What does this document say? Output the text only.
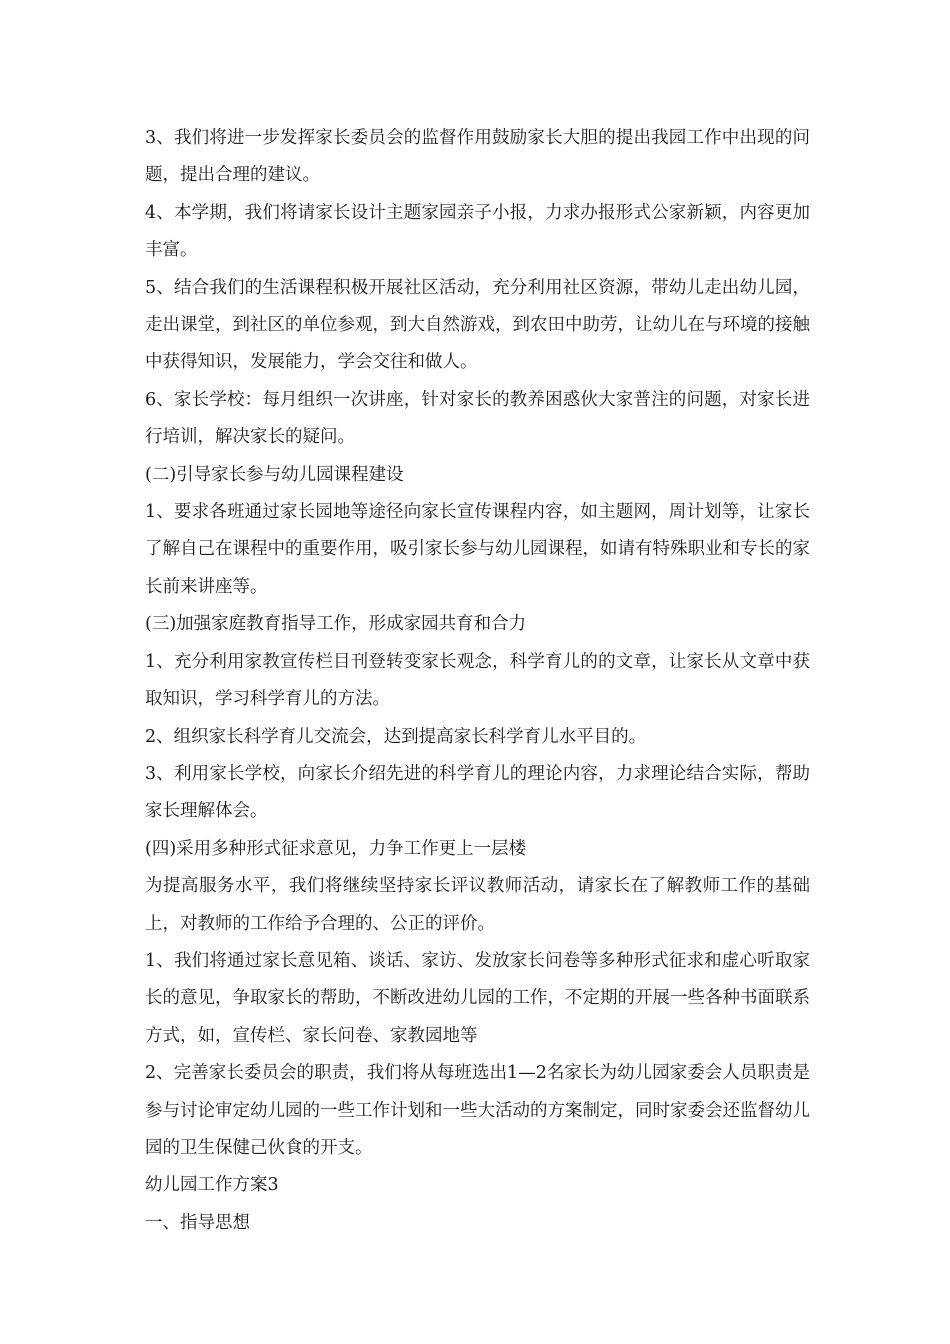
3、我们将进一步发挥家长委员会的监督作用鼓励家长大胆的提出我园工作中出现的问题，提出合理的建议。

4、本学期，我们将请家长设计主题家园亲子小报，力求办报形式公家新颖，内容更加丰富。

5、结合我们的生活课程积极开展社区活动，充分利用社区资源，带幼儿走出幼儿园，走出课堂，到社区的单位参观，到大自然游戏，到农田中助劳，让幼儿在与环境的接触中获得知识，发展能力，学会交往和做人。

6、家长学校：每月组织一次讲座，针对家长的教养困惑伙大家普注的问题，对家长进行培训，解决家长的疑问。

(二)引导家长参与幼儿园课程建设

1、要求各班通过家长园地等途径向家长宣传课程内容，如主题网，周计划等，让家长了解自己在课程中的重要作用，吸引家长参与幼儿园课程，如请有特殊职业和专长的家长前来讲座等。

(三)加强家庭教育指导工作，形成家园共育和合力

1、充分利用家教宣传栏目刊登转变家长观念，科学育儿的的文章，让家长从文章中获取知识，学习科学育儿的方法。

2、组织家长科学育儿交流会，达到提高家长科学育儿水平目的。

3、利用家长学校，向家长介绍先进的科学育儿的理论内容，力求理论结合实际，帮助家长理解体会。

(四)采用多种形式征求意见，力争工作更上一层楼

为提高服务水平，我们将继续坚持家长评议教师活动，请家长在了解教师工作的基础上，对教师的工作给予合理的、公正的评价。

1、我们将通过家长意见箱、谈话、家访、发放家长问卷等多种形式征求和虚心听取家长的意见，争取家长的帮助，不断改进幼儿园的工作，不定期的开展一些各种书面联系方式，如，宣传栏、家长问卷、家教园地等

2、完善家长委员会的职责，我们将从每班选出1—2名家长为幼儿园家委会人员职责是参与讨论审定幼儿园的一些工作计划和一些大活动的方案制定，同时家委会还监督幼儿园的卫生保健己伙食的开支。

幼儿园工作方案3

一、指导思想
